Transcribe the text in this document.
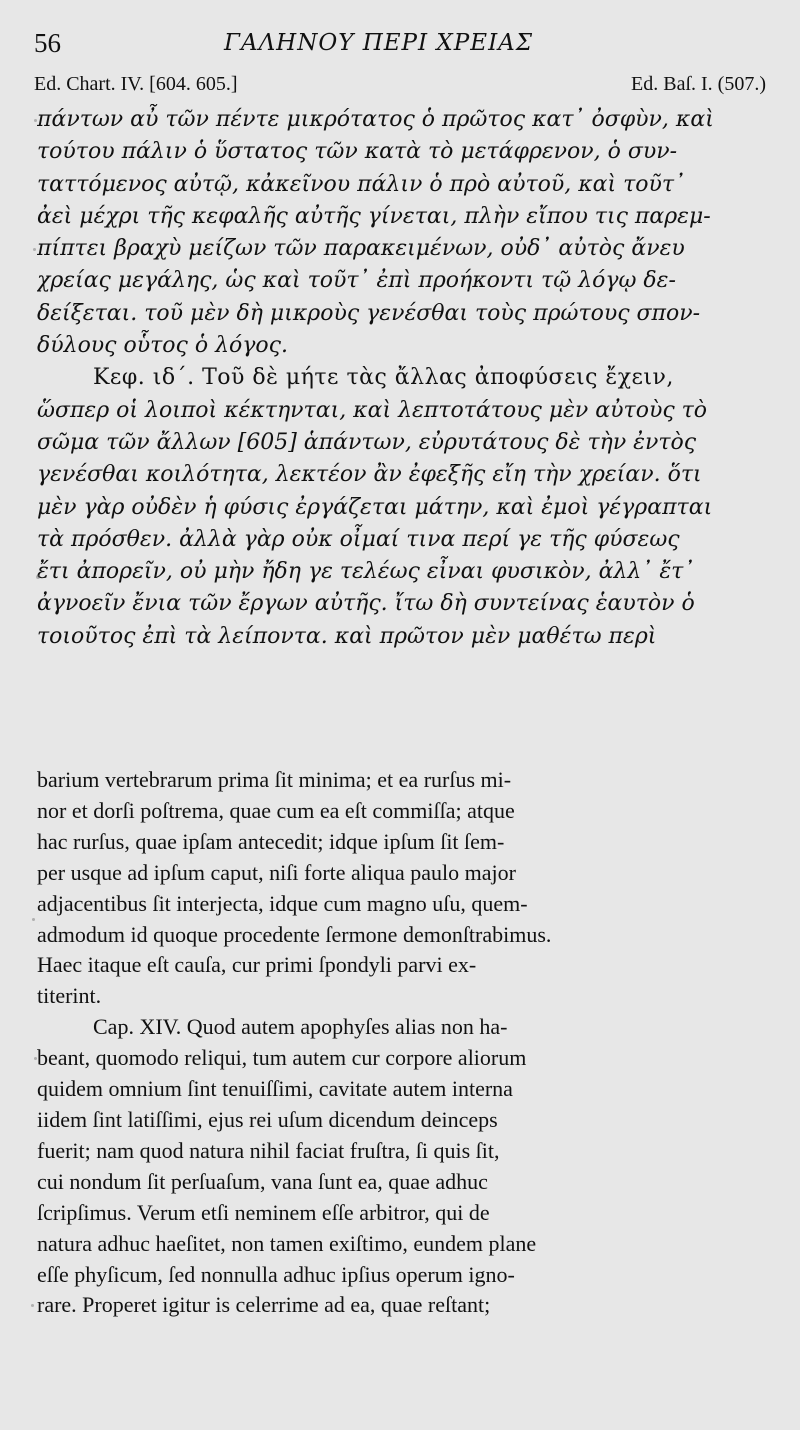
56	ΓΑΛΗΝΟΥ ΠΕΡΙ ΧΡΕΙΑΣ
Ed. Chart. IV. [604. 605.]	Ed. Baſ. I. (507.)
πάντων αὖ τῶν πέντε μικρότατος ὁ πρῶτος κατ᾿ ὀσφὺν, καὶ
τούτου πάλιν ὁ ὕστατος τῶν κατὰ τὸ μετάφρενον, ὁ συν-
ταττόμενος αὐτῷ, κἀκεῖνου πάλιν ὁ πρὸ αὐτοῦ, καὶ τοῦτ᾿
ἀεὶ μέχρι τῆς κεφαλῆς αὐτῆς γίνεται, πλὴν εἴπου τις παρεμ-
πίπτει βραχὺ μείζων τῶν παρακειμένων, οὐδ᾿ αὐτὸς ἄνευ
χρείας μεγάλης, ὡς καὶ τοῦτ᾿ ἐπὶ προήκοντι τῷ λόγῳ δε-
δείξεται. τοῦ μὲν δὴ μικροὺς γενέσθαι τοὺς πρώτους σπον-
δύλους οὗτος ὁ λόγος.
Κεφ. ιδ΄. Τοῦ δὲ μήτε τὰς ἄλλας ἀποφύσεις ἔχειν,
ὥσπερ οἱ λοιποὶ κέκτηνται, καὶ λεπτοτάτους μὲν αὐτοὺς τὸ
σῶμα τῶν ἄλλων [605] ἁπάντων, εὐρυτάτους δὲ τὴν ἐντὸς
γενέσθαι κοιλότητα, λεκτέον ἂν ἐφεξῆς εἴη τὴν χρείαν. ὅτι
μὲν γὰρ οὐδὲν ἡ φύσις ἐργάζεται μάτην, καὶ ἐμοὶ γέγραπται
τὰ πρόσθεν. ἀλλὰ γὰρ οὐκ οἶμαί τινα περί γε τῆς φύσεως
ἔτι ἀπορεῖν, οὐ μὴν ἤδη γε τελέως εἶναι φυσικὸν, ἀλλ᾿ ἔτ᾿
ἀγνοεῖν ἔνια τῶν ἔργων αὐτῆς. ἴτω δὴ συντείνας ἑαυτὸν ὁ
τοιοῦτος ἐπὶ τὰ λείποντα. καὶ πρῶτον μὲν μαθέτω περὶ
barium vertebrarum prima ſit minima; et ea rurſus mi-
nor et dorſi poſtrema, quae cum ea eſt commiſſa; atque
hac rurſus, quae ipſam antecedit; idque ipſum ſit ſem-
per usque ad ipſum caput, niſi forte aliqua paulo major
adjacentibus ſit interjecta, idque cum magno uſu, quem-
admodum id quoque procedente ſermone demonſtrabimus.
Haec itaque eſt cauſa, cur primi ſpondyli parvi ex-
titerint.
Cap. XIV. Quod autem apophyſes alias non ha-
beant, quomodo reliqui, tum autem cur corpore aliorum
quidem omnium ſint tenuiſſimi, cavitate autem interna
iidem ſint latiſſimi, ejus rei uſum dicendum deinceps
fuerit; nam quod natura nihil faciat fruſtra, ſi quis ſit,
cui nondum ſit perſuaſum, vana ſunt ea, quae adhuc
ſcripſimus. Verum etſi neminem eſſe arbitror, qui de
natura adhuc haeſitet, non tamen exiſtimo, eundem plane
eſſe phyſicum, ſed nonnulla adhuc ipſius operum igno-
rare. Properet igitur is celerrime ad ea, quae reſtant;
